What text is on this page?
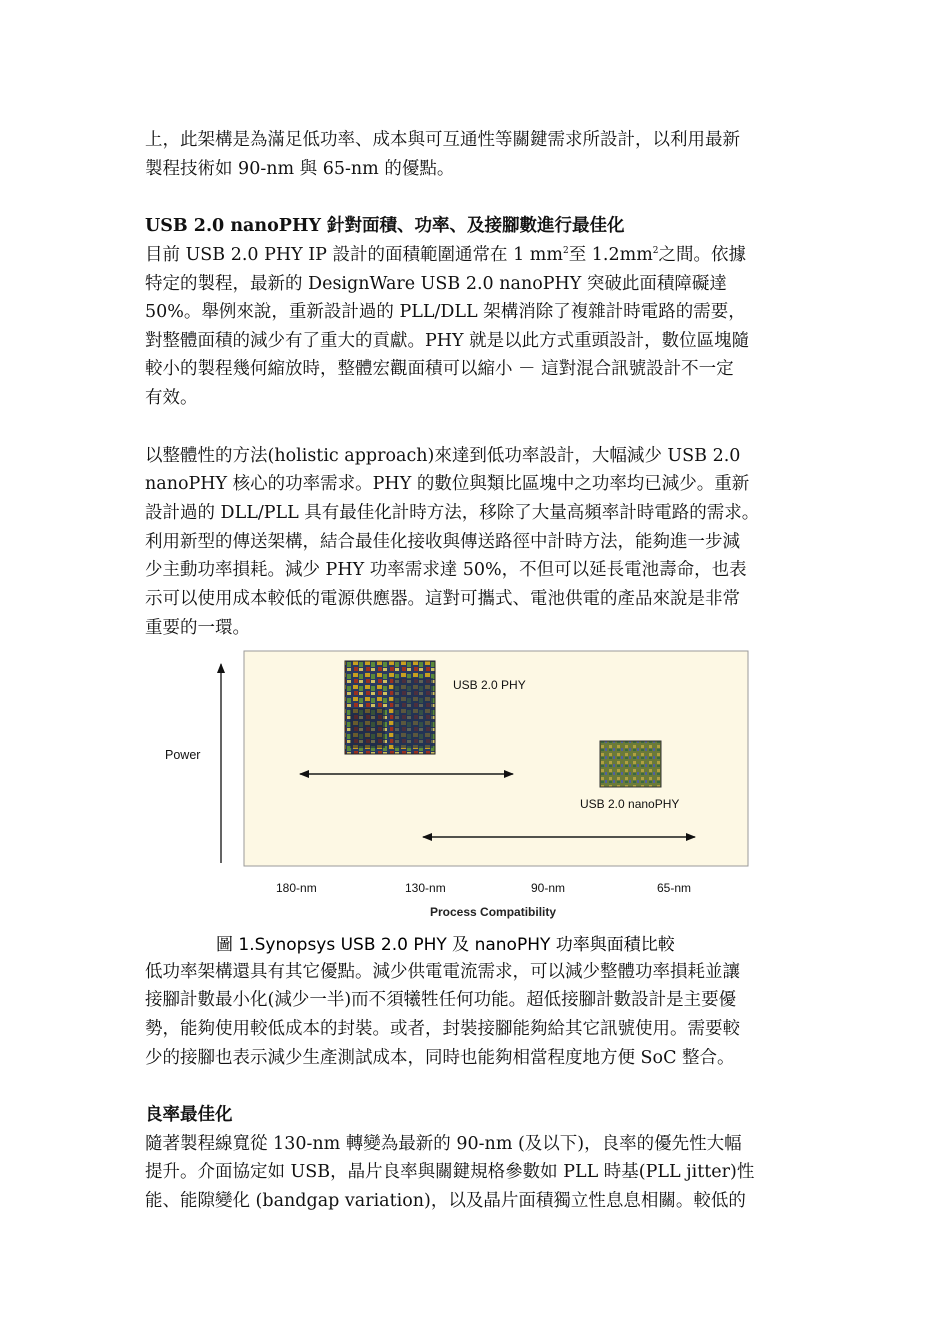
上，此架構是為滿足低功率、成本與可互通性等關鍵需求所設計，以利用最新

製程技術如 90-nm 與 65-nm 的優點。

USB 2.0 nanoPHY 針對面積、功率、及接腳數進行最佳化

目前 USB 2.0 PHY IP 設計的面積範圍通常在 1 $mm^2$至 $1.2mm^2$之間。依據

特定的製程，最新的 DesignWare USB 2.0 nanoPHY 突破此面積障礙達

50%。舉例來說，重新設計過的 PLL/DLL 架構消除了複雜計時電路的需要，

對整體面積的減少有了重大的貢獻。PHY 就是以此方式重頭設計，數位區塊隨

較小的製程幾何縮放時，整體宏觀面積可以縮小 － 這對混合訊號設計不一定

有效。

以整體性的方法(holistic approach)來達到低功率設計，大幅減少 USB 2.0

nanoPHY 核心的功率需求。PHY 的數位與類比區塊中之功率均已減少。重新

設計過的 DLL/PLL 具有最佳化計時方法，移除了大量高頻率計時電路的需求。

利用新型的傳送架構，結合最佳化接收與傳送路徑中計時方法，能夠進一步減

少主動功率損耗。減少 PHY 功率需求達 50%，不但可以延長電池壽命，也表

示可以使用成本較低的電源供應器。這對可攜式、電池供電的產品來說是非常

重要的一環。

低功率架構還具有其它優點。減少供電電流需求，可以減少整體功率損耗並讓

接腳計數最小化(減少一半)而不須犧牲任何功能。超低接腳計數設計是主要優

勢，能夠使用較低成本的封裝。或者，封裝接腳能夠給其它訊號使用。需要較

少的接腳也表示減少生產測試成本，同時也能夠相當程度地方便 SoC 整合。

良率最佳化

隨著製程線寬從 130-nm 轉變為最新的 90-nm (及以下)，良率的優先性大幅

提升。介面協定如 USB，晶片良率與關鍵規格參數如 PLL 時基(PLL jitter)性

能、能隙變化 (bandgap variation)，以及晶片面積獨立性息息相關。較低的

Power
USB 2.0 PHY
USB 2.0 nanoPHY
180-nm	130-nm	90-nm	65-nm
Process Compatibility
圖 1.Synopsys USB 2.0 PHY 及 nanoPHY 功率與面積比較
